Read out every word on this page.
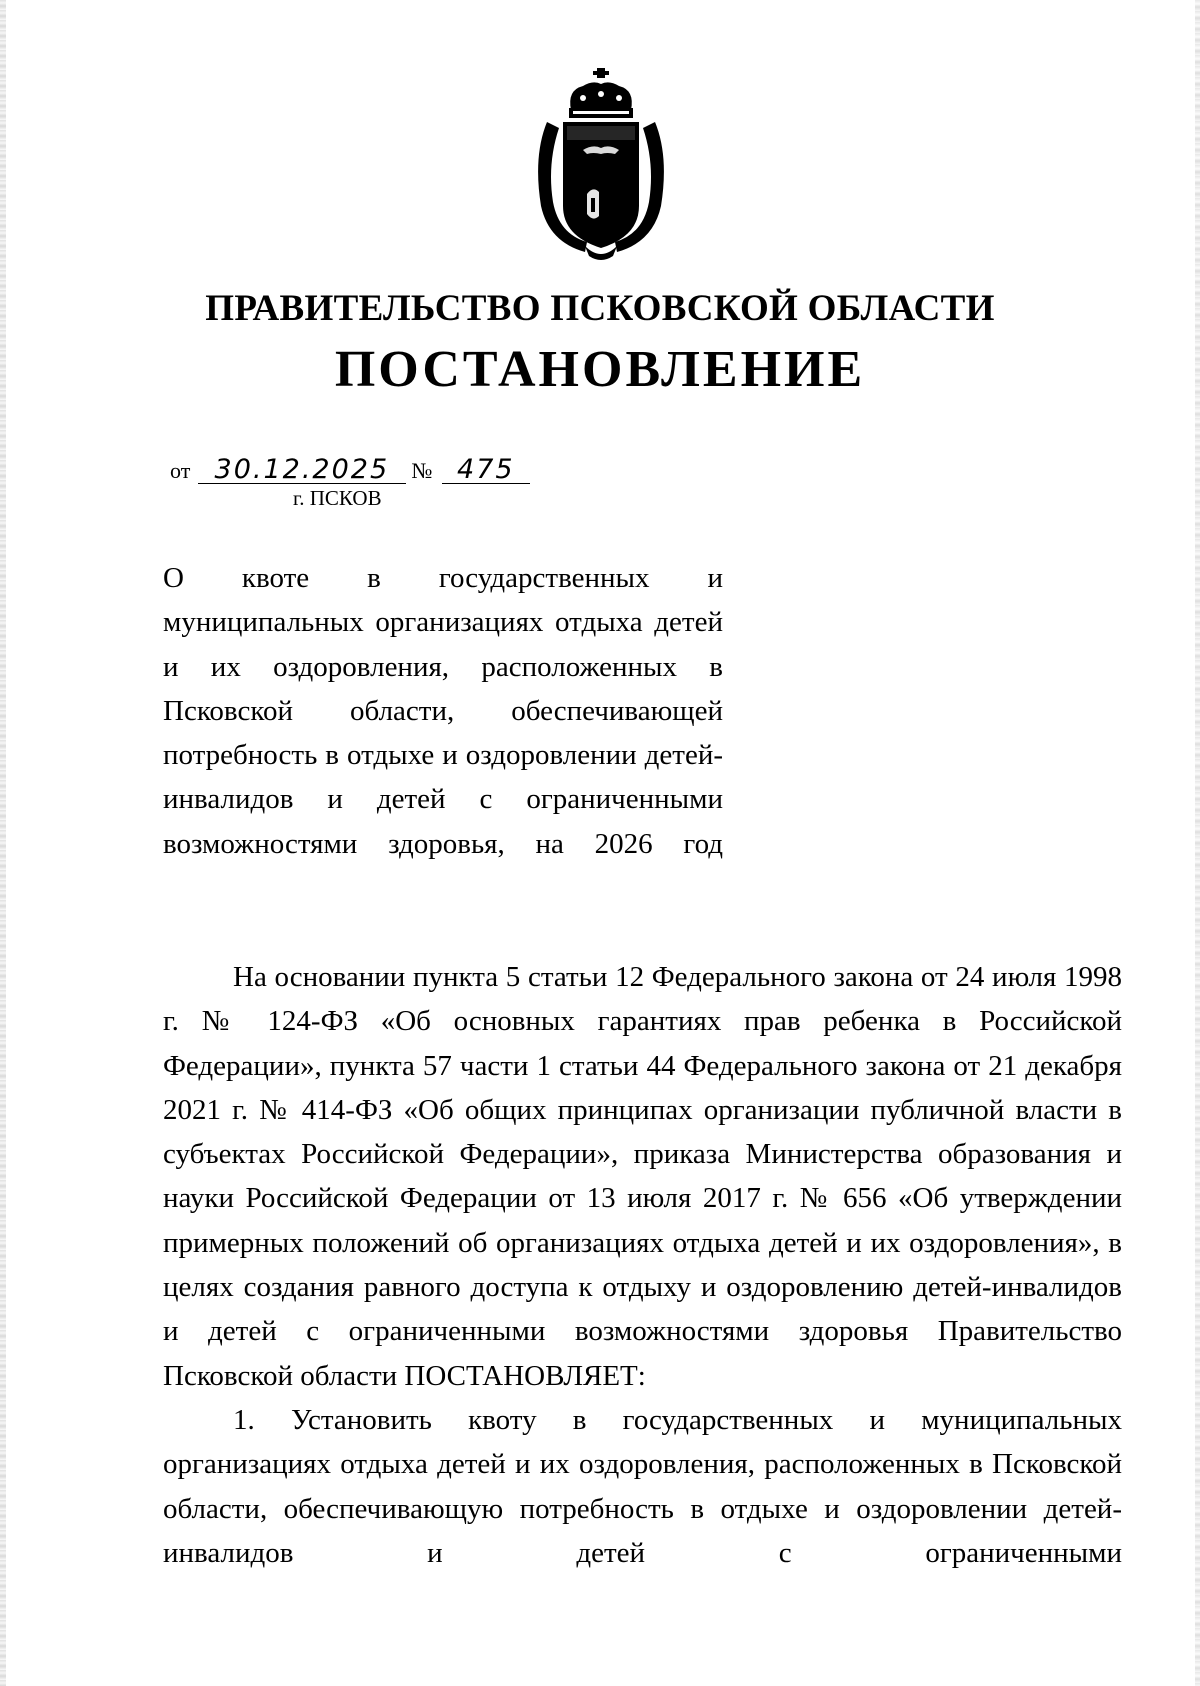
ПРАВИТЕЛЬСТВО ПСКОВСКОЙ ОБЛАСТИ
ПОСТАНОВЛЕНИЕ
от 30.12.2025 № 475
г. ПСКОВ
О квоте в государственных и муниципальных организациях отдыха детей и их оздоровления, расположенных в Псковской области, обеспечивающей потребность в отдыхе и оздоровлении детей-инвалидов и детей с ограниченными возможностями здоровья, на 2026 год

На основании пункта 5 статьи 12 Федерального закона от 24 июля 1998 г. № 124-ФЗ «Об основных гарантиях прав ребенка в Российской Федерации», пункта 57 части 1 статьи 44 Федерального закона от 21 декабря 2021 г. № 414-ФЗ «Об общих принципах организации публичной власти в субъектах Российской Федерации», приказа Министерства образования и науки Российской Федерации от 13 июля 2017 г. № 656 «Об утверждении примерных положений об организациях отдыха детей и их оздоровления», в целях создания равного доступа к отдыху и оздоровлению детей-инвалидов и детей с ограниченными возможностями здоровья Правительство Псковской области ПОСТАНОВЛЯЕТ:

1. Установить квоту в государственных и муниципальных организациях отдыха детей и их оздоровления, расположенных в Псковской области, обеспечивающую потребность в отдыхе и оздоровлении детей-инвалидов и детей с ограниченными
